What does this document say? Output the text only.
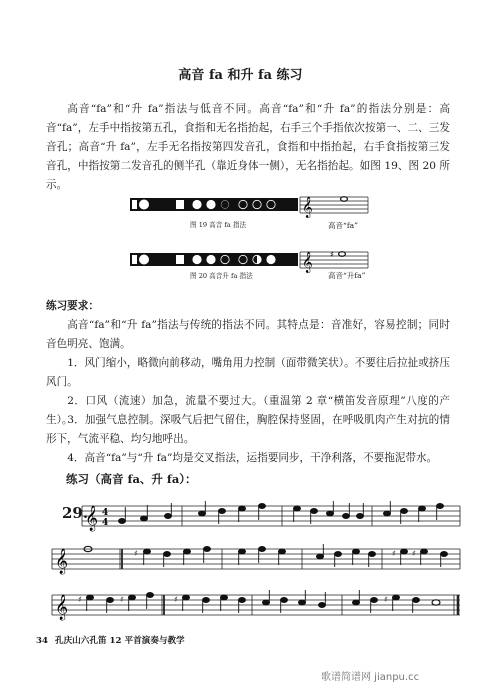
高音 fa 和升 fa 练习

高音“fa”和“升 fa”指法与低音不同。高音“fa”和“升 fa”的指法分别是：高音“fa”，左手中指按第五孔，食指和无名指抬起，右手三个手指依次按第一、二、三发音孔；高音“升 fa”，左手无名指按第四发音孔，食指和中指抬起，右手食指按第三发音孔，中指按第二发音孔的侧半孔（靠近身体一侧），无名指抬起。如图 19、图 20 所示。

图 19 高音 fa 指法
𝄞
高音“fa”
图 20 高音升 fa 指法
𝄞 ♯
高音“升fa”
练习要求：

高音“fa”和“升 fa”指法与传统的指法不同。其特点是：音准好，容易控制；同时音色明亮、饱满。

1．风门缩小，略微向前移动，嘴角用力控制（面带微笑状）。不要往后拉扯或挤压风门。

2．口风（流速）加急，流量不要过大。（重温第 2 章“横笛发音原理”八度的产生）。

3．加强气息控制。深吸气后把气留住，胸腔保持竖固，在呼吸肌肉产生对抗的情形下，气流平稳、均匀地呼出。

4．高音“fa”与“升 fa”均是交叉指法，运指要同步，干净利落，不要拖泥带水。

练习（高音 fa、升 fa）：
29.
𝄞 4
4
𝄞	♯	♯ ♯
𝄞 ♯	♯	♯	♯
34 孔庆山六孔笛 12 平首演奏与教学
歌谱简谱网 jianpu.cc
